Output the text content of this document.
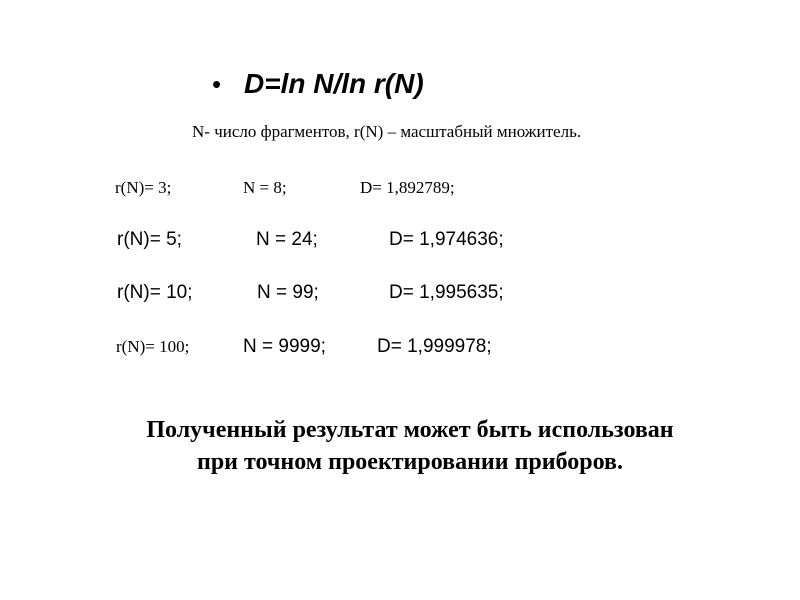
• D=ln N/ln r(N)
N- число фрагментов, r(N) – масштабный множитель.
r(N)= 3;	N = 8;	D= 1,892789;
r(N)= 5;	N = 24;	D= 1,974636;
r(N)= 10;	N = 99;	D= 1,995635;
r(N)= 100;	N = 9999;	D= 1,999978;
Полученный результат может быть использован
при точном проектировании приборов.
